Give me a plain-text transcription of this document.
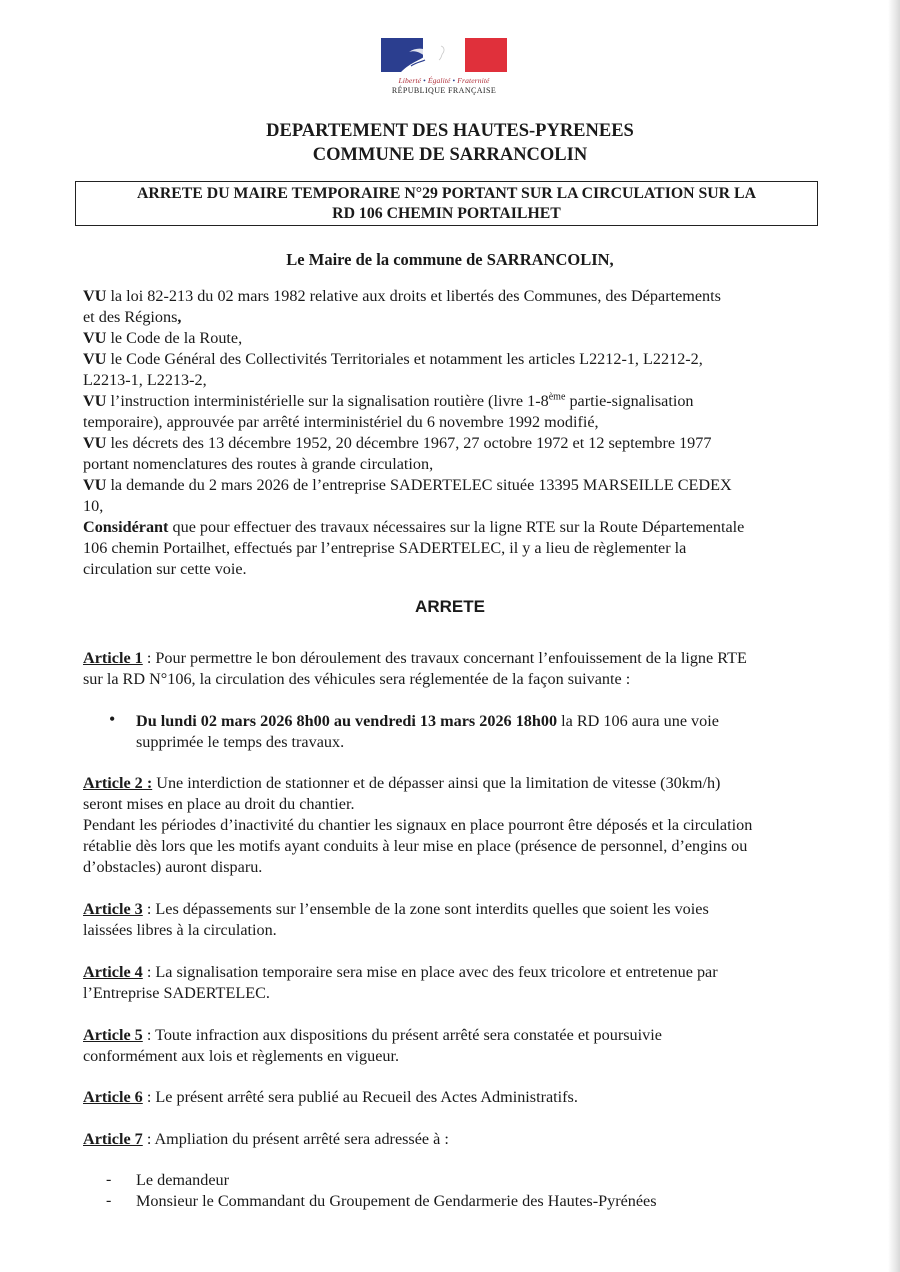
Liberté • Égalité • Fraternité
RÉPUBLIQUE FRANÇAISE
DEPARTEMENT DES HAUTES-PYRENEES
COMMUNE DE SARRANCOLIN
ARRETE DU MAIRE TEMPORAIRE N°29 PORTANT SUR LA CIRCULATION SUR LA
RD 106 CHEMIN PORTAILHET
Le Maire de la commune de SARRANCOLIN,
VU la loi 82-213 du 02 mars 1982 relative aux droits et libertés des Communes, des Départements
et des Régions,
VU le Code de la Route,
VU le Code Général des Collectivités Territoriales et notamment les articles L2212-1, L2212-2,
L2213-1, L2213-2,
VU l’instruction interministérielle sur la signalisation routière (livre 1-8ème partie-signalisation
temporaire), approuvée par arrêté interministériel du 6 novembre 1992 modifié,
VU les décrets des 13 décembre 1952, 20 décembre 1967, 27 octobre 1972 et 12 septembre 1977
portant nomenclatures des routes à grande circulation,
VU la demande du 2 mars 2026 de l’entreprise SADERTELEC située 13395 MARSEILLE CEDEX
10,
Considérant que pour effectuer des travaux nécessaires sur la ligne RTE sur la Route Départementale
106 chemin Portailhet, effectués par l’entreprise SADERTELEC, il y a lieu de règlementer la
circulation sur cette voie.
ARRETE
Article 1 : Pour permettre le bon déroulement des travaux concernant l’enfouissement de la ligne RTE
sur la RD N°106, la circulation des véhicules sera réglementée de la façon suivante :
• Du lundi 02 mars 2026 8h00 au vendredi 13 mars 2026 18h00 la RD 106 aura une voie
supprimée le temps des travaux.
Article 2 : Une interdiction de stationner et de dépasser ainsi que la limitation de vitesse (30km/h)
seront mises en place au droit du chantier.
Pendant les périodes d’inactivité du chantier les signaux en place pourront être déposés et la circulation
rétablie dès lors que les motifs ayant conduits à leur mise en place (présence de personnel, d’engins ou
d’obstacles) auront disparu.
Article 3 : Les dépassements sur l’ensemble de la zone sont interdits quelles que soient les voies
laissées libres à la circulation.
Article 4 : La signalisation temporaire sera mise en place avec des feux tricolore et entretenue par
l’Entreprise SADERTELEC.
Article 5 : Toute infraction aux dispositions du présent arrêté sera constatée et poursuivie
conformément aux lois et règlements en vigueur.
Article 6 : Le présent arrêté sera publié au Recueil des Actes Administratifs.
Article 7 : Ampliation du présent arrêté sera adressée à :
- Le demandeur
- Monsieur le Commandant du Groupement de Gendarmerie des Hautes-Pyrénées
